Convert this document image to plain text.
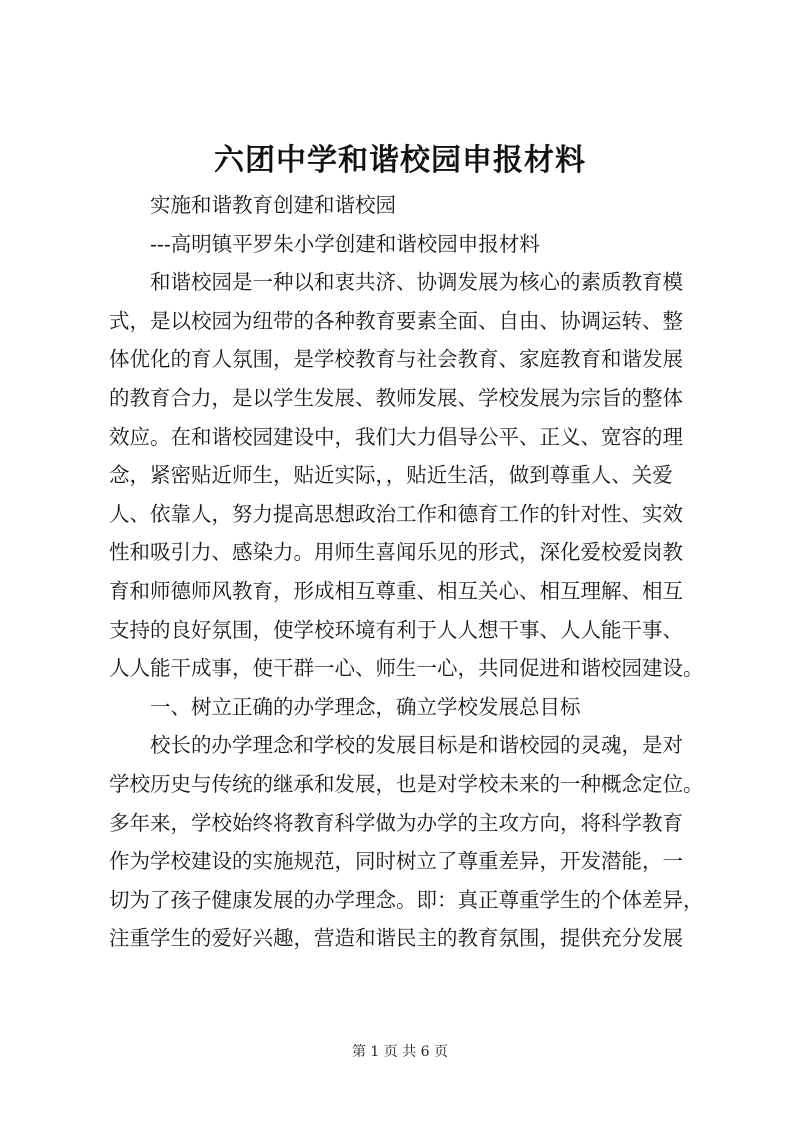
六团中学和谐校园申报材料
实施和谐教育创建和谐校园
---高明镇平罗朱小学创建和谐校园申报材料
和谐校园是一种以和衷共济、协调发展为核心的素质教育模
式，是以校园为纽带的各种教育要素全面、自由、协调运转、整
体优化的育人氛围，是学校教育与社会教育、家庭教育和谐发展
的教育合力，是以学生发展、教师发展、学校发展为宗旨的整体
效应。在和谐校园建设中，我们大力倡导公平、正义、宽容的理
念，紧密贴近师生，贴近实际，，贴近生活，做到尊重人、关爱
人、依靠人，努力提高思想政治工作和德育工作的针对性、实效
性和吸引力、感染力。用师生喜闻乐见的形式，深化爱校爱岗教
育和师德师风教育，形成相互尊重、相互关心、相互理解、相互
支持的良好氛围，使学校环境有利于人人想干事、人人能干事、
人人能干成事，使干群一心、师生一心，共同促进和谐校园建设。
一、树立正确的办学理念，确立学校发展总目标
校长的办学理念和学校的发展目标是和谐校园的灵魂，是对
学校历史与传统的继承和发展，也是对学校未来的一种概念定位。
多年来，学校始终将教育科学做为办学的主攻方向，将科学教育
作为学校建设的实施规范，同时树立了尊重差异，开发潜能，一
切为了孩子健康发展的办学理念。即：真正尊重学生的个体差异，
注重学生的爱好兴趣，营造和谐民主的教育氛围，提供充分发展
第 1 页 共 6 页
